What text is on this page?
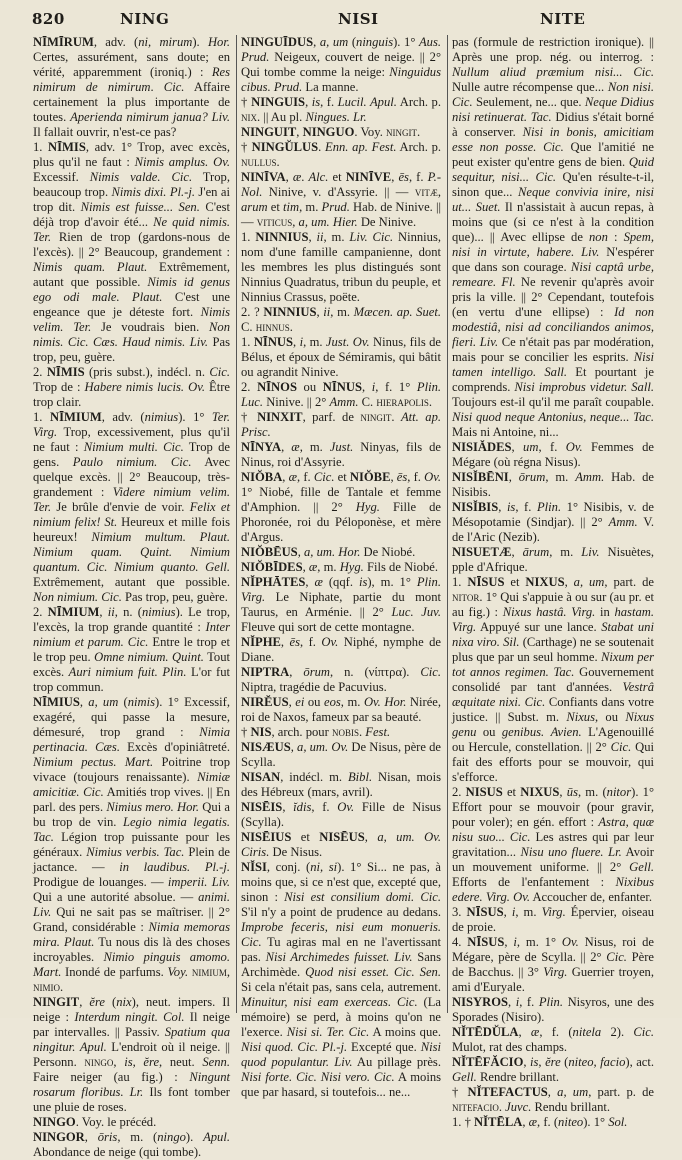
820	NING	NISI	NITE

NĪMĪRUM, adv. (ni, mirum). Hor. Certes, assurément, sans doute; en vérité, apparemment (ironiq.) : Res nimirum de nimirum. Cic. Affaire certainement la plus importante de toutes. Aperienda nimirum janua? Liv. Il fallait ouvrir, n'est-ce pas?

1. NĪMIS, adv. 1° Trop, avec excès, plus qu'il ne faut : Nimis amplus. Ov. Excessif. Nimis valde. Cic. Trop, beaucoup trop. Nimis dixi. Pl.-j. J'en ai trop dit. Nimis est fuisse... Sen. C'est déjà trop d'avoir été... Ne quid nimis. Ter. Rien de trop (gardons-nous de l'excès). || 2° Beaucoup, grandement : Nimis quam. Plaut. Extrêmement, autant que possible. Nimis id genus ego odi male. Plaut. C'est une engeance que je déteste fort. Nimis velim. Ter. Je voudrais bien. Non nimis. Cic. Cæs. Haud nimis. Liv. Pas trop, peu, guère.

2. NĪMIS (pris subst.), indécl. n. Cic. Trop de : Habere nimis lucis. Ov. Être trop clair.

1. NĪMIUM, adv. (nimius). 1° Ter. Virg. Trop, excessivement, plus qu'il ne faut : Nimium multi. Cic. Trop de gens. Paulo nimium. Cic. Avec quelque excès. || 2° Beaucoup, très-grandement : Videre nimium velim. Ter. Je brûle d'envie de voir. Felix et nimium felix! St. Heureux et mille fois heureux! Nimium multum. Plaut. Nimium quam. Quint. Nimium quantum. Cic. Nimium quanto. Gell. Extrêmement, autant que possible. Non nimium. Cic. Pas trop, peu, guère.

2. NĪMIUM, ii, n. (nimius). Le trop, l'excès, la trop grande quantité : Inter nimium et parum. Cic. Entre le trop et le trop peu. Omne nimium. Quint. Tout excès. Auri nimium fuit. Plin. L'or fut trop commun.

NĪMIUS, a, um (nimis). 1° Excessif, exagéré, qui passe la mesure, démesuré, trop grand : Nimia pertinacia. Cæs. Excès d'opiniâtreté. Nimium pectus. Mart. Poitrine trop vivace (toujours renaissante). Nimiæ amicitiæ. Cic. Amitiés trop vives. || En parl. des pers. Nimius mero. Hor. Qui a bu trop de vin. Legio nimia legatis. Tac. Légion trop puissante pour les généraux. Nimius verbis. Tac. Plein de jactance. — in laudibus. Pl.-j. Prodigue de louanges. — imperii. Liv. Qui a une autorité absolue. — animi. Liv. Qui ne sait pas se maîtriser. || 2° Grand, considérable : Nimia memoras mira. Plaut. Tu nous dis là des choses incroyables. Nimio pinguis amomo. Mart. Inondé de parfums. Voy. nimium, nimio.

NINGIT, ĕre (nix), neut. impers. Il neige : Interdum ningit. Col. Il neige par intervalles. || Passiv. Spatium qua ningitur. Apul. L'endroit où il neige. || Personn. ningo, is, ĕre, neut. Senn. Faire neiger (au fig.) : Ningunt rosarum floribus. Lr. Ils font tomber une pluie de roses.

NINGO. Voy. le précéd.

NINGOR, ōris, m. (ningo). Apul. Abondance de neige (qui tombe).

NINGUĪDUS, a, um (ninguis). 1° Aus. Prud. Neigeux, couvert de neige. || 2° Qui tombe comme la neige: Ninguidus cibus. Prud. La manne.

† NINGUIS, is, f. Lucil. Apul. Arch. p. nix. || Au pl. Ningues. Lr.

NINGUIT, NINGUO. Voy. ningit.

† NINGŬLUS. Enn. ap. Fest. Arch. p. nullus.

NINĪVA, æ. Alc. et NINĪVE, ēs, f. P.-Nol. Ninive, v. d'Assyrie. || — vitæ, arum et tim, m. Prud. Hab. de Ninive. || — viticus, a, um. Hier. De Ninive.

1. NINNIUS, ii, m. Liv. Cic. Ninnius, nom d'une famille campanienne, dont les membres les plus distingués sont Ninnius Quadratus, tribun du peuple, et Ninnius Crassus, poëte.

2. ? NINNIUS, ii, m. Mæcen. ap. Suet. C. hinnus.

1. NĪNUS, i, m. Just. Ov. Ninus, fils de Bélus, et époux de Sémiramis, qui bâtit ou agrandit Ninive.

2. NĪNOS ou NĪNUS, i, f. 1° Plin. Luc. Ninive. || 2° Amm. C. hierapolis.

† NINXIT, parf. de ningit. Att. ap. Prisc.

NĪNYA, æ, m. Just. Ninyas, fils de Ninus, roi d'Assyrie.

NIŎBA, æ, f. Cic. et NIŎBE, ēs, f. Ov. 1° Niobé, fille de Tantale et femme d'Amphion. || 2° Hyg. Fille de Phoronée, roi du Péloponèse, et mère d'Argus.

NIŎBĒUS, a, um. Hor. De Niobé.

NIŎBĪDES, æ, m. Hyg. Fils de Niobé.

NĬPHĀTES, æ (qqf. is), m. 1° Plin. Virg. Le Niphate, partie du mont Taurus, en Arménie. || 2° Luc. Juv. Fleuve qui sort de cette montagne.

NĬPHE, ēs, f. Ov. Niphé, nymphe de Diane.

NIPTRA, ōrum, n. (νίπτρα). Cic. Niptra, tragédie de Pacuvius.

NIRĔUS, ei ou eos, m. Ov. Hor. Nirée, roi de Naxos, fameux par sa beauté.

† NIS, arch. pour nobis. Fest.

NISÆUS, a, um. Ov. De Nisus, père de Scylla.

NISAN, indécl. m. Bibl. Nisan, mois des Hébreux (mars, avril).

NISĒIS, ĭdis, f. Ov. Fille de Nisus (Scylla).

NISĒIUS et NISĒUS, a, um. Ov. Ciris. De Nisus.

NĬSI, conj. (ni, si). 1° Si... ne pas, à moins que, si ce n'est que, excepté que, sinon : Nisi est consilium domi. Cic. S'il n'y a point de prudence au dedans. Improbe feceris, nisi eum monueris. Cic. Tu agiras mal en ne l'avertissant pas. Nisi Archimedes fuisset. Liv. Sans Archimède. Quod nisi esset. Cic. Sen. Si cela n'était pas, sans cela, autrement. Minuitur, nisi eam exerceas. Cic. (La mémoire) se perd, à moins qu'on ne l'exerce. Nisi si. Ter. Cic. A moins que. Nisi quod. Cic. Pl.-j. Excepté que. Nisi quod populantur. Liv. Au pillage près. Nisi forte. Cic. Nisi vero. Cic. A moins que par hasard, si toutefois... ne...

pas (formule de restriction ironique). || Après une prop. nég. ou interrog. : Nullum aliud præmium nisi... Cic. Nulle autre récompense que... Non nisi. Cic. Seulement, ne... que. Neque Didius nisi retinuerat. Tac. Didius s'était borné à conserver. Nisi in bonis, amicitiam esse non posse. Cic. Que l'amitié ne peut exister qu'entre gens de bien. Quid sequitur, nisi... Cic. Qu'en résulte-t-il, sinon que... Neque convivia inire, nisi ut... Suet. Il n'assistait à aucun repas, à moins que (si ce n'est à la condition que)... || Avec ellipse de non : Spem, nisi in virtute, habere. Liv. N'espérer que dans son courage. Nisi captâ urbe, remeare. Fl. Ne revenir qu'après avoir pris la ville. || 2° Cependant, toutefois (en vertu d'une ellipse) : Id non modestiâ, nisi ad conciliandos animos, fieri. Liv. Ce n'était pas par modération, mais pour se concilier les esprits. Nisi tamen intelligo. Sall. Et pourtant je comprends. Nisi improbus videtur. Sall. Toujours est-il qu'il me paraît coupable. Nisi quod neque Antonius, neque... Tac. Mais ni Antoine, ni...

NISIĂDES, um, f. Ov. Femmes de Mégare (où régna Nisus).

NISĬBĒNI, ōrum, m. Amm. Hab. de Nisibis.

NISĬBIS, is, f. Plin. 1° Nisibis, v. de Mésopotamie (Sindjar). || 2° Amm. V. de l'Aric (Nezib).

NISUETÆ, ārum, m. Liv. Nisuètes, pple d'Afrique.

1. NĪSUS et NIXUS, a, um, part. de nitor. 1° Qui s'appuie à ou sur (au pr. et au fig.) : Nixus hastâ. Virg. in hastam. Virg. Appuyé sur une lance. Stabat uni nixa viro. Sil. (Carthage) ne se soutenait plus que par un seul homme. Nixum per tot annos regimen. Tac. Gouvernement consolidé par tant d'années. Vestrâ æquitate nixi. Cic. Confiants dans votre justice. || Subst. m. Nixus, ou Nixus genu ou genibus. Avien. L'Agenouillé ou Hercule, constellation. || 2° Cic. Qui fait des efforts pour se mouvoir, qui s'efforce.

2. NISUS et NIXUS, ūs, m. (nitor). 1° Effort pour se mouvoir (pour gravir, pour voler); en gén. effort : Astra, quæ nisu suo... Cic. Les astres qui par leur gravitation... Nisu uno fluere. Lr. Avoir un mouvement uniforme. || 2° Gell. Efforts de l'enfantement : Nixibus edere. Virg. Ov. Accoucher de, enfanter.

3. NĪSUS, i, m. Virg. Épervier, oiseau de proie.

4. NĪSUS, i, m. 1° Ov. Nisus, roi de Mégare, père de Scylla. || 2° Cic. Père de Bacchus. || 3° Virg. Guerrier troyen, ami d'Euryale.

NISYROS, i, f. Plin. Nisyros, une des Sporades (Nisiro).

NĬTĒDŬLA, æ, f. (nitela 2). Cic. Mulot, rat des champs.

NĬTĒFĂCIO, is, ĕre (niteo, facio), act. Gell. Rendre brillant.

† NĬTEFACTUS, a, um, part. p. de nitefacio. Juvc. Rendu brillant.

1. † NĬTĒLA, æ, f. (niteo). 1° Sol.
